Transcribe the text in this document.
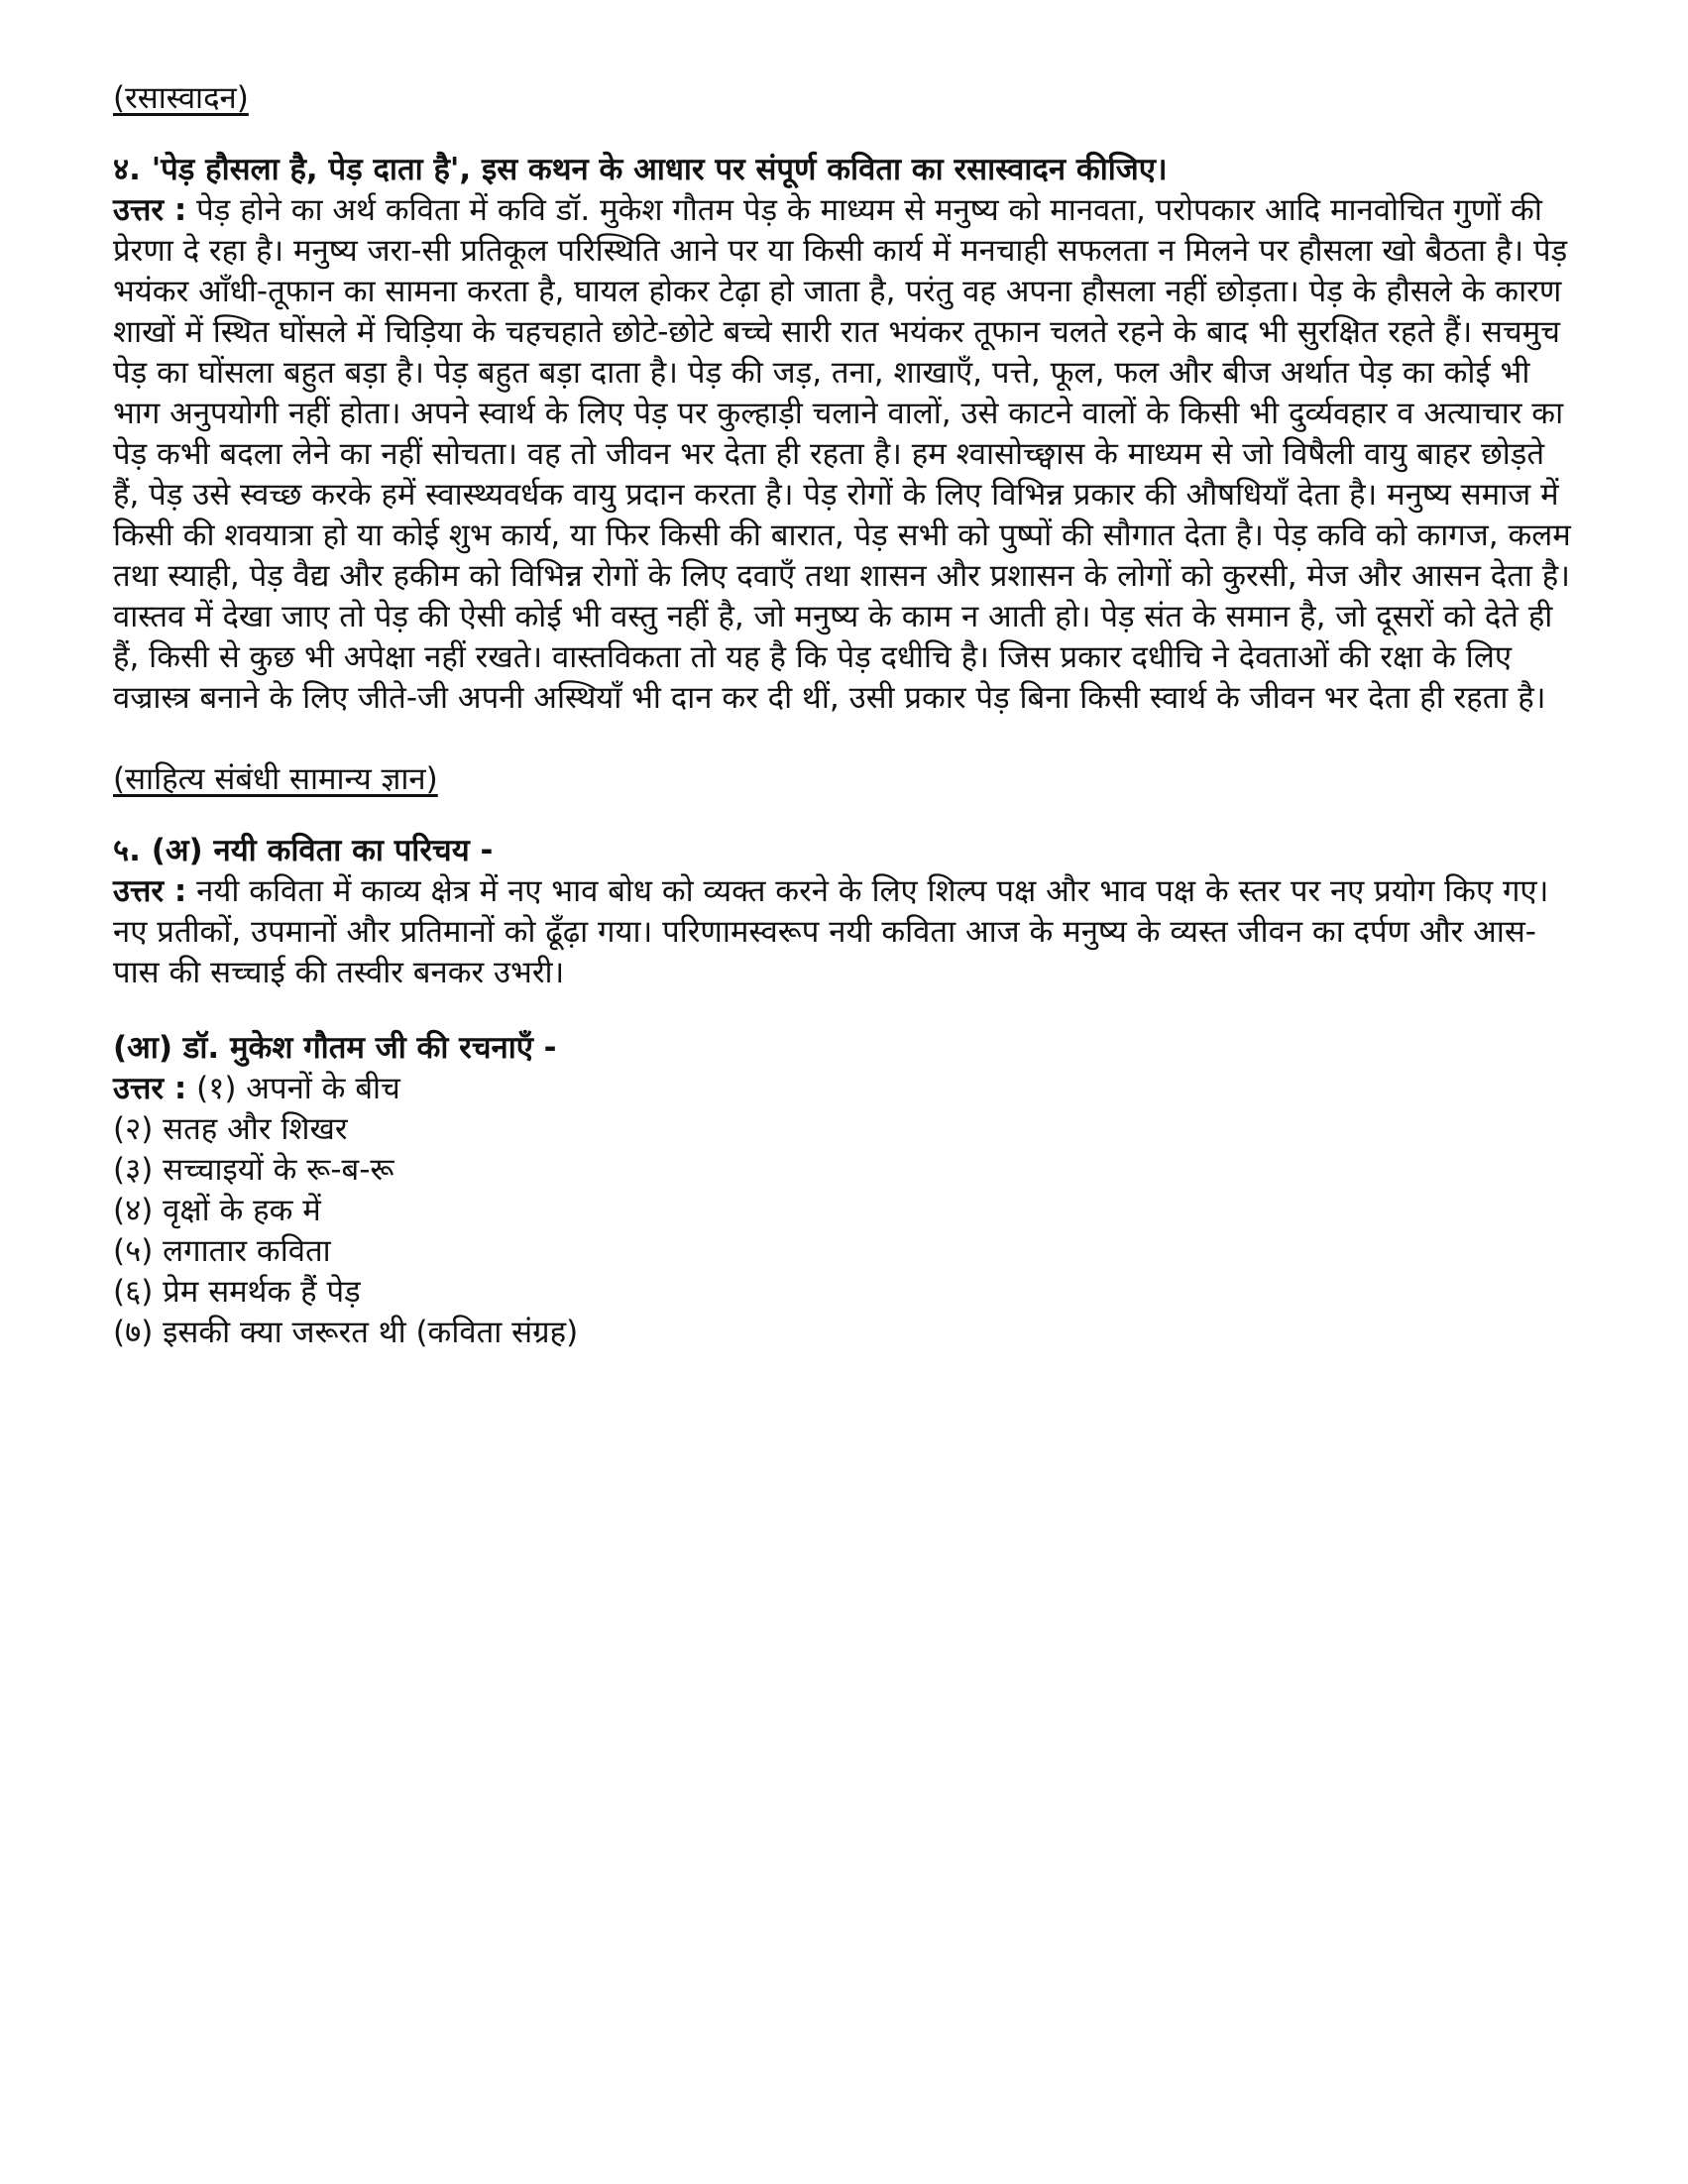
(रसास्वादन)

४. 'पेड़ हौसला है, पेड़ दाता है', इस कथन के आधार पर संपूर्ण कविता का रसास्वादन कीजिए।

उत्तर : पेड़ होने का अर्थ कविता में कवि डॉ. मुकेश गौतम पेड़ के माध्यम से मनुष्य को मानवता, परोपकार आदि मानवोचित गुणों की प्रेरणा दे रहा है। मनुष्य जरा-सी प्रतिकूल परिस्थिति आने पर या किसी कार्य में मनचाही सफलता न मिलने पर हौसला खो बैठता है। पेड़ भयंकर आँधी-तूफान का सामना करता है, घायल होकर टेढ़ा हो जाता है, परंतु वह अपना हौसला नहीं छोड़ता। पेड़ के हौसले के कारण शाखों में स्थित घोंसले में चिड़िया के चहचहाते छोटे-छोटे बच्चे सारी रात भयंकर तूफान चलते रहने के बाद भी सुरक्षित रहते हैं। सचमुच पेड़ का घोंसला बहुत बड़ा है। पेड़ बहुत बड़ा दाता है। पेड़ की जड़, तना, शाखाएँ, पत्ते, फूल, फल और बीज अर्थात पेड़ का कोई भी भाग अनुपयोगी नहीं होता। अपने स्वार्थ के लिए पेड़ पर कुल्हाड़ी चलाने वालों, उसे काटने वालों के किसी भी दुर्व्यवहार व अत्याचार का पेड़ कभी बदला लेने का नहीं सोचता। वह तो जीवन भर देता ही रहता है। हम श्वासोच्छ्वास के माध्यम से जो विषैली वायु बाहर छोड़ते हैं, पेड़ उसे स्वच्छ करके हमें स्वास्थ्यवर्धक वायु प्रदान करता है। पेड़ रोगों के लिए विभिन्न प्रकार की औषधियाँ देता है। मनुष्य समाज में किसी की शवयात्रा हो या कोई शुभ कार्य, या फिर किसी की बारात, पेड़ सभी को पुष्पों की सौगात देता है। पेड़ कवि को कागज, कलम तथा स्याही, पेड़ वैद्य और हकीम को विभिन्न रोगों के लिए दवाएँ तथा शासन और प्रशासन के लोगों को कुरसी, मेज और आसन देता है। वास्तव में देखा जाए तो पेड़ की ऐसी कोई भी वस्तु नहीं है, जो मनुष्य के काम न आती हो। पेड़ संत के समान है, जो दूसरों को देते ही हैं, किसी से कुछ भी अपेक्षा नहीं रखते। वास्तविकता तो यह है कि पेड़ दधीचि है। जिस प्रकार दधीचि ने देवताओं की रक्षा के लिए वज्रास्त्र बनाने के लिए जीते-जी अपनी अस्थियाँ भी दान कर दी थीं, उसी प्रकार पेड़ बिना किसी स्वार्थ के जीवन भर देता ही रहता है।

(साहित्य संबंधी सामान्य ज्ञान)

५. (अ) नयी कविता का परिचय -

उत्तर : नयी कविता में काव्य क्षेत्र में नए भाव बोध को व्यक्त करने के लिए शिल्प पक्ष और भाव पक्ष के स्तर पर नए प्रयोग किए गए। नए प्रतीकों, उपमानों और प्रतिमानों को ढूँढ़ा गया। परिणामस्वरूप नयी कविता आज के मनुष्य के व्यस्त जीवन का दर्पण और आस-पास की सच्चाई की तस्वीर बनकर उभरी।

(आ) डॉ. मुकेश गौतम जी की रचनाएँ -

उत्तर : (१) अपनों के बीच
(२) सतह और शिखर
(३) सच्चाइयों के रू-ब-रू
(४) वृक्षों के हक में
(५) लगातार कविता
(६) प्रेम समर्थक हैं पेड़
(७) इसकी क्या जरूरत थी (कविता संग्रह)
